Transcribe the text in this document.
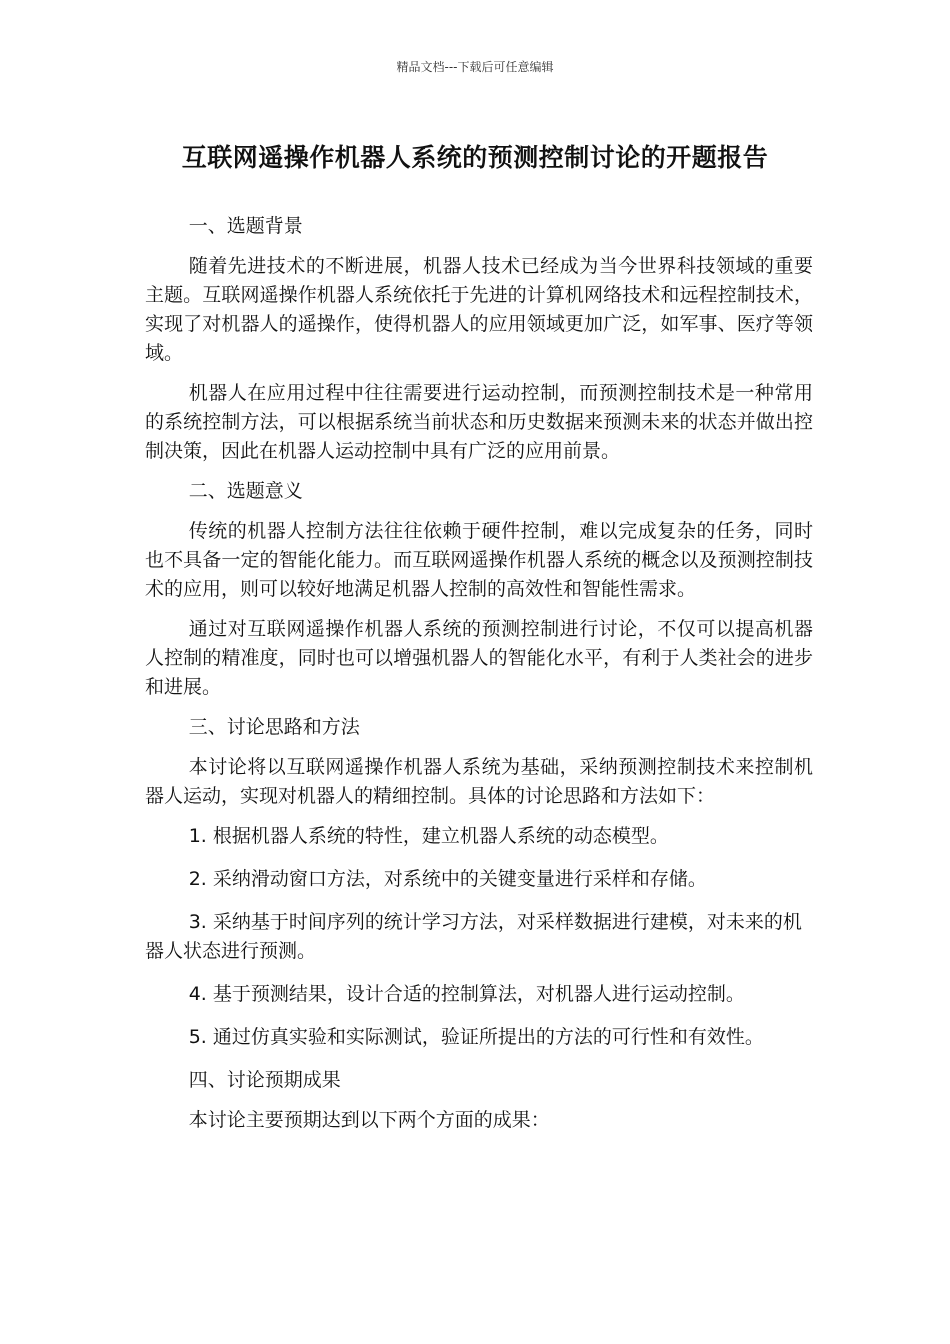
精品文档---下载后可任意编辑
互联网遥操作机器人系统的预测控制讨论的开题报告
一、选题背景
随着先进技术的不断进展，机器人技术已经成为当今世界科技领域的重要主题。互联网遥操作机器人系统依托于先进的计算机网络技术和远程控制技术，实现了对机器人的遥操作，使得机器人的应用领域更加广泛，如军事、医疗等领域。
机器人在应用过程中往往需要进行运动控制，而预测控制技术是一种常用的系统控制方法，可以根据系统当前状态和历史数据来预测未来的状态并做出控制决策，因此在机器人运动控制中具有广泛的应用前景。
二、选题意义
传统的机器人控制方法往往依赖于硬件控制，难以完成复杂的任务，同时也不具备一定的智能化能力。而互联网遥操作机器人系统的概念以及预测控制技术的应用，则可以较好地满足机器人控制的高效性和智能性需求。
通过对互联网遥操作机器人系统的预测控制进行讨论，不仅可以提高机器人控制的精准度，同时也可以增强机器人的智能化水平，有利于人类社会的进步和进展。
三、讨论思路和方法
本讨论将以互联网遥操作机器人系统为基础，采纳预测控制技术来控制机器人运动，实现对机器人的精细控制。具体的讨论思路和方法如下：
1. 根据机器人系统的特性，建立机器人系统的动态模型。
2. 采纳滑动窗口方法，对系统中的关键变量进行采样和存储。
3. 采纳基于时间序列的统计学习方法，对采样数据进行建模，对未来的机器人状态进行预测。
4. 基于预测结果，设计合适的控制算法，对机器人进行运动控制。
5. 通过仿真实验和实际测试，验证所提出的方法的可行性和有效性。
四、讨论预期成果
本讨论主要预期达到以下两个方面的成果：
